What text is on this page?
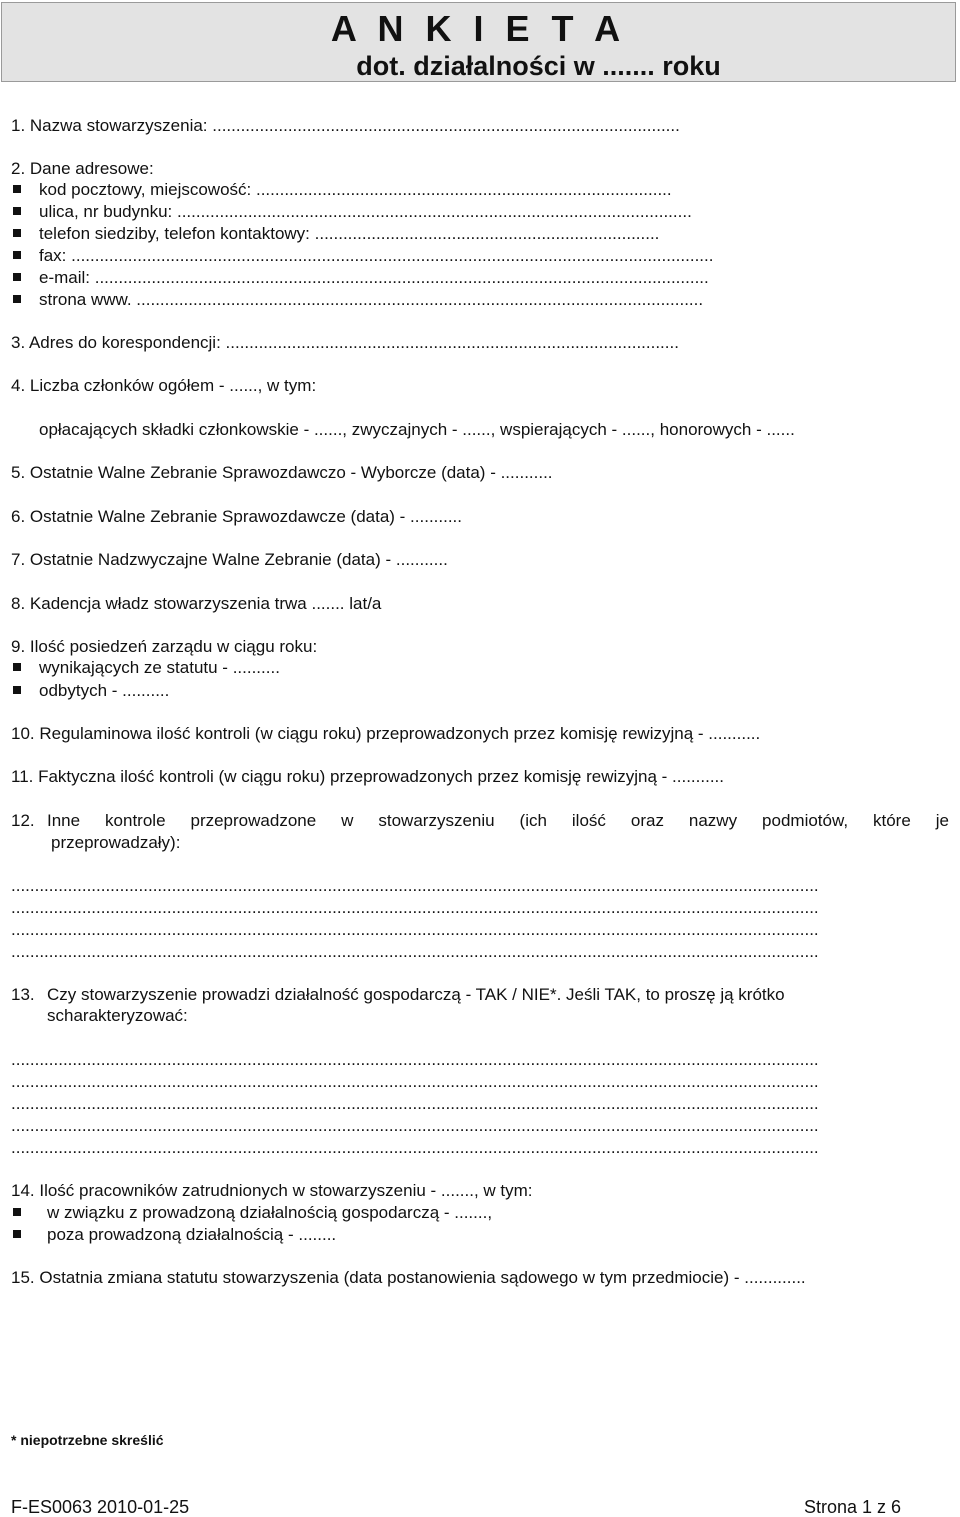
A N K I E T A
dot. działalności w ....... roku
1. Nazwa stowarzyszenia: ...................................................................................................
2. Dane adresowe:
kod pocztowy, miejscowość: ........................................................................................
ulica, nr budynku: .............................................................................................................
telefon siedziby, telefon kontaktowy: .........................................................................
fax: ........................................................................................................................................
e-mail: ..................................................................................................................................
strona www. ........................................................................................................................
3. Adres do korespondencji: ................................................................................................
4. Liczba członków ogółem - ......, w tym:
opłacających składki członkowskie - ......, zwyczajnych - ......, wspierających - ......, honorowych - ......
5. Ostatnie Walne Zebranie Sprawozdawczo - Wyborcze (data) - ...........
6. Ostatnie Walne Zebranie Sprawozdawcze (data) - ...........
7. Ostatnie Nadzwyczajne Walne Zebranie (data) - ...........
8. Kadencja władz stowarzyszenia trwa ....... lat/a
9. Ilość posiedzeń zarządu w ciągu roku:
wynikających ze statutu - ..........
odbytych - ..........
10. Regulaminowa ilość kontroli (w ciągu roku) przeprowadzonych przez komisję rewizyjną - ...........
11. Faktyczna ilość kontroli (w ciągu roku) przeprowadzonych przez komisję rewizyjną - ...........
12. Inne kontrole przeprowadzone w stowarzyszeniu (ich ilość oraz nazwy podmiotów, które je
przeprowadzały):
...........................................................................................................................................................................
...........................................................................................................................................................................
...........................................................................................................................................................................
...........................................................................................................................................................................
13. Czy stowarzyszenie prowadzi działalność gospodarczą - TAK / NIE*. Jeśli TAK, to proszę ją krótko
scharakteryzować:
...........................................................................................................................................................................
...........................................................................................................................................................................
...........................................................................................................................................................................
...........................................................................................................................................................................
...........................................................................................................................................................................
14. Ilość pracowników zatrudnionych w stowarzyszeniu - ......., w tym:
w związku z prowadzoną działalnością gospodarczą - .......,
poza prowadzoną działalnością - ........
15. Ostatnia zmiana statutu stowarzyszenia (data postanowienia sądowego w tym przedmiocie) - .............
* niepotrzebne skreślić
F-ES0063 2010-01-25	Strona 1 z 6
